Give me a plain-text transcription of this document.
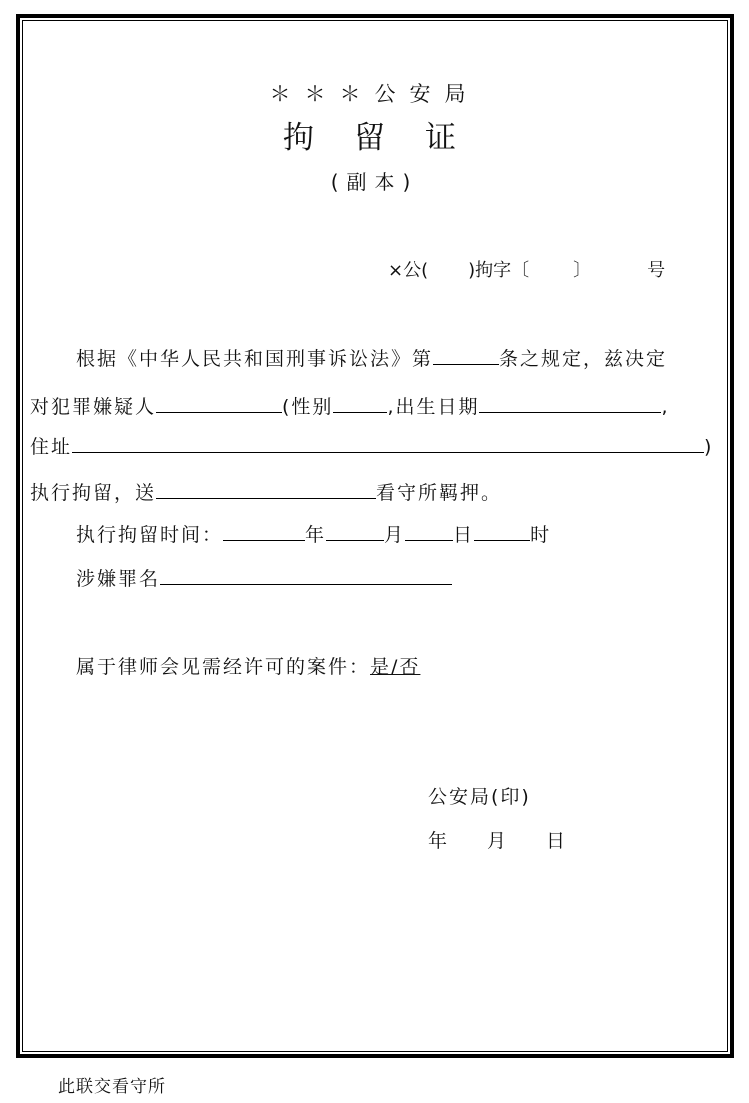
＊＊＊公安局
拘留证
(副本)
×公( )拘字〔 〕	号
根据《中华人民共和国刑事诉讼法》第	条之规定，兹决定
对犯罪嫌疑人	(性别	,出生日期	,
住址	)
执行拘留，送	看守所羁押。
执行拘留时间：	年	月	日	时
涉嫌罪名
属于律师会见需经许可的案件：是/否
公安局(印)
年 月 日
此联交看守所
